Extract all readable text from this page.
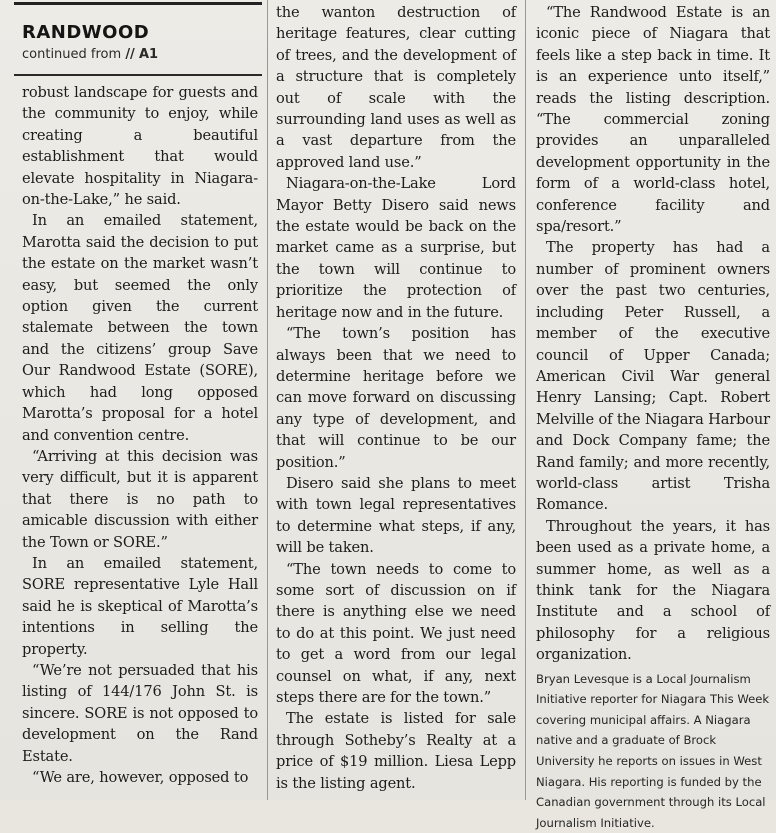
RANDWOOD
continued from // A1

robust landscape for guests and the community to enjoy, while creating a beautiful establishment that would elevate hospitality in Niagara-on-the-Lake,” he said.

In an emailed statement, Marotta said the decision to put the estate on the market wasn’t easy, but seemed the only option given the current stalemate between the town and the citizens’ group Save Our Randwood Estate (SORE), which had long opposed Marotta’s proposal for a hotel and convention centre.

“Arriving at this decision was very difficult, but it is apparent that there is no path to amicable discussion with either the Town or SORE.”

In an emailed statement, SORE representative Lyle Hall said he is skeptical of Marotta’s intentions in selling the property.

“We’re not persuaded that his listing of 144/176 John St. is sincere. SORE is not opposed to development on the Rand Estate.

“We are, however, opposed to

the wanton destruction of heritage features, clear cutting of trees, and the development of a structure that is completely out of scale with the surrounding land uses as well as a vast departure from the approved land use.”

Niagara-on-the-Lake Lord Mayor Betty Disero said news the estate would be back on the market came as a surprise, but the town will continue to prioritize the protection of heritage now and in the future.

“The town’s position has always been that we need to determine heritage before we can move forward on discussing any type of development, and that will continue to be our position.”

Disero said she plans to meet with town legal representatives to determine what steps, if any, will be taken.

“The town needs to come to some sort of discussion on if there is anything else we need to do at this point. We just need to get a word from our legal counsel on what, if any, next steps there are for the town.”

The estate is listed for sale through Sotheby’s Realty at a price of $19 million. Liesa Lepp is the listing agent.

“The Randwood Estate is an iconic piece of Niagara that feels like a step back in time. It is an experience unto itself,” reads the listing description. “The commercial zoning provides an unparalleled development opportunity in the form of a world-class hotel, conference facility and spa/resort.”

The property has had a number of prominent owners over the past two centuries, including Peter Russell, a member of the executive council of Upper Canada; American Civil War general Henry Lansing; Capt. Robert Melville of the Niagara Harbour and Dock Company fame; the Rand family; and more recently, world-class artist Trisha Romance.

Throughout the years, it has been used as a private home, a summer home, as well as a think tank for the Niagara Institute and a school of philosophy for a religious organization.

Bryan Levesque is a Local Journalism Initiative reporter for Niagara This Week covering municipal affairs. A Niagara native and a graduate of Brock University he reports on issues in West Niagara. His reporting is funded by the Canadian government through its Local Journalism Initiative.
